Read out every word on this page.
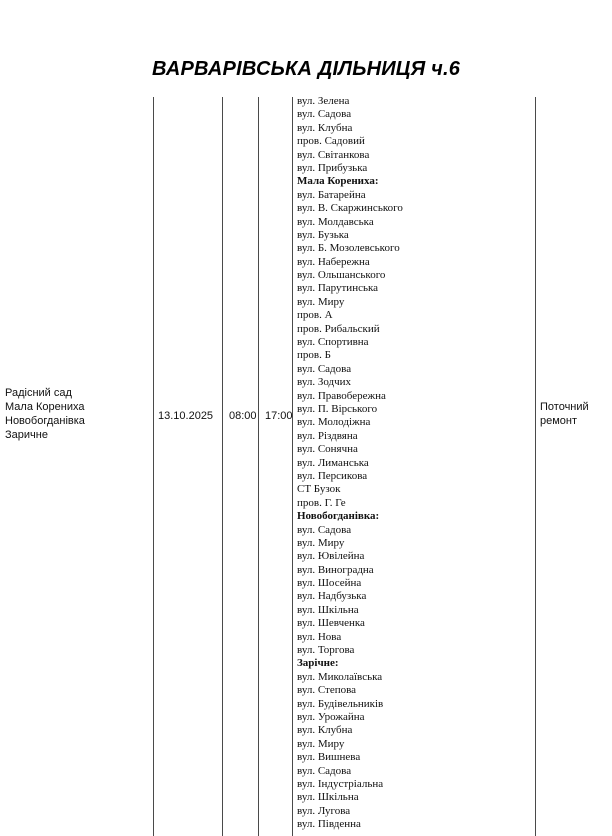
ВАРВАРІВСЬКА ДІЛЬНИЦЯ ч.6
Радісний сад
Мала Корениха
Новобогданівка
Заричне
13.10.2025	08:00 17:00
Поточний ремонт
вул. Зелена
вул. Садова
вул. Клубна
пров. Садовий
вул. Світанкова
вул. Прибузька
Мала Корениха:
вул. Батарейна
вул. В. Скаржинського
вул. Молдавська
вул. Бузька
вул. Б. Мозолевського
вул. Набережна
вул. Ольшанського
вул. Парутинська
вул. Миру
пров. А
пров. Рибальский
вул. Спортивна
пров. Б
вул. Садова
вул. Зодчих
вул. Правобережна
вул. П. Вірського
вул. Молодіжна
вул. Різдвяна
вул. Сонячна
вул. Лиманська
вул. Персикова
СТ Бузок
пров. Г. Ге
Новобогданівка:
вул. Садова
вул. Миру
вул. Ювілейна
вул. Виноградна
вул. Шосейна
вул. Надбузька
вул. Шкільна
вул. Шевченка
вул. Нова
вул. Торгова
Зарічне:
вул. Миколаївська
вул. Степова
вул. Будівельників
вул. Урожайна
вул. Клубна
вул. Миру
вул. Вишнева
вул. Садова
вул. Індустріальна
вул. Шкільна
вул. Лугова
вул. Південна
